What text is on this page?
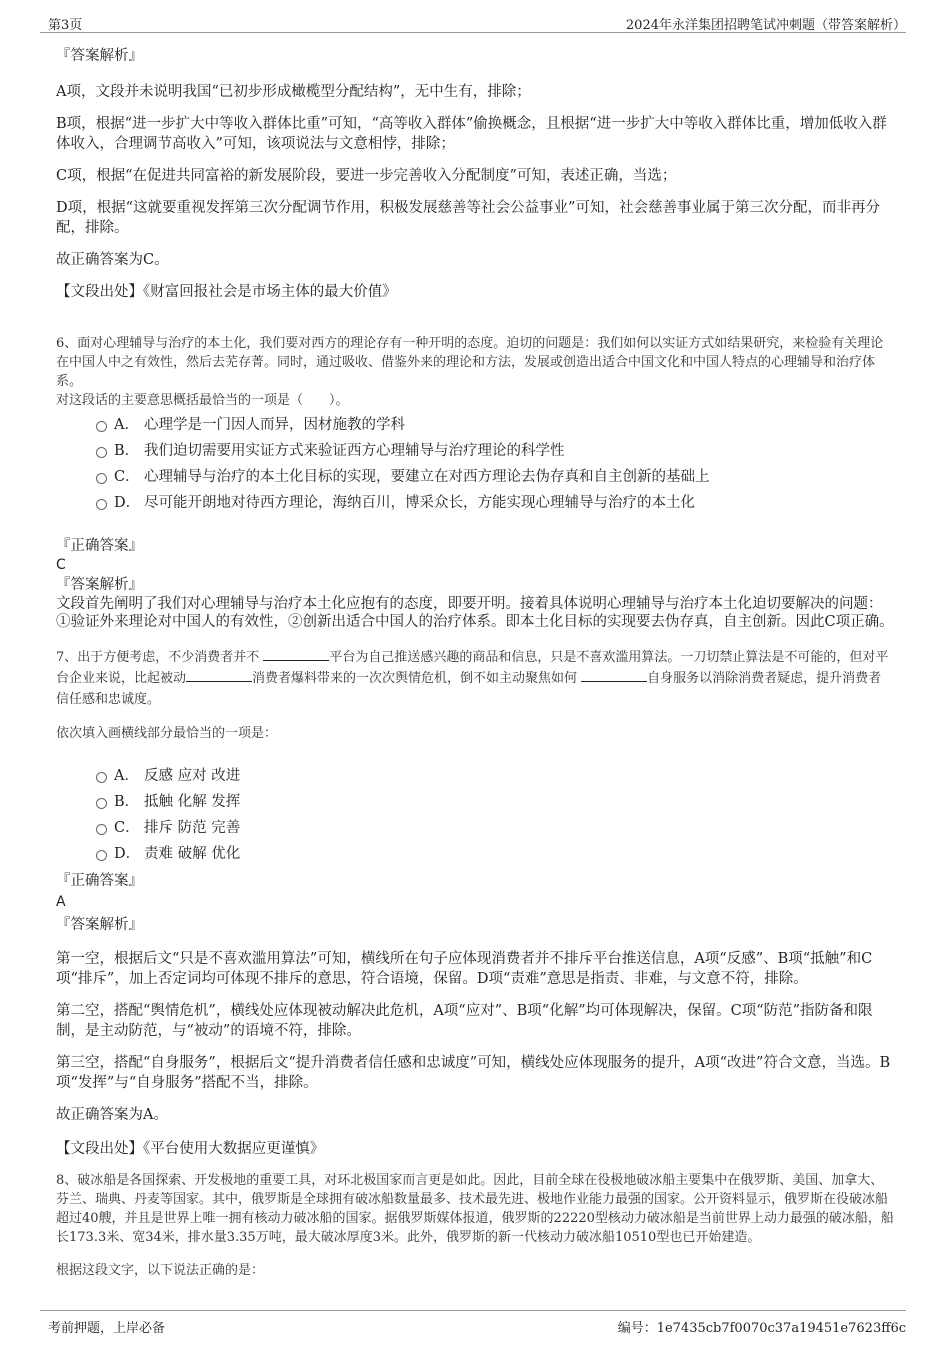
第3页	2024年永洋集团招聘笔试冲刺题（带答案解析）

『答案解析』

A项，文段并未说明我国“已初步形成橄榄型分配结构”，无中生有，排除；

B项，根据“进一步扩大中等收入群体比重”可知，“高等收入群体”偷换概念，且根据“进一步扩大中等收入群体比重，增加低收入群体收入，合理调节高收入”可知，该项说法与文意相悖，排除；

C项，根据“在促进共同富裕的新发展阶段，要进一步完善收入分配制度”可知，表述正确，当选；

D项，根据“这就要重视发挥第三次分配调节作用，积极发展慈善等社会公益事业”可知，社会慈善事业属于第三次分配，而非再分配，排除。

故正确答案为C。

【文段出处】《财富回报社会是市场主体的最大价值》

6、面对心理辅导与治疗的本土化，我们要对西方的理论存有一种开明的态度。迫切的问题是：我们如何以实证方式如结果研究，来检验有关理论在中国人中之有效性，然后去芜存菁。同时，通过吸收、借鉴外来的理论和方法，发展或创造出适合中国文化和中国人特点的心理辅导和治疗体系。

对这段话的主要意思概括最恰当的一项是（　　）。

A． 心理学是一门因人而异，因材施教的学科
B． 我们迫切需要用实证方式来验证西方心理辅导与治疗理论的科学性
C． 心理辅导与治疗的本土化目标的实现，要建立在对西方理论去伪存真和自主创新的基础上
D． 尽可能开朗地对待西方理论，海纳百川，博采众长，方能实现心理辅导与治疗的本土化

『正确答案』

C

『答案解析』

文段首先阐明了我们对心理辅导与治疗本土化应抱有的态度，即要开明。接着具体说明心理辅导与治疗本土化迫切要解决的问题：①验证外来理论对中国人的有效性，②创新出适合中国人的治疗体系。即本土化目标的实现要去伪存真，自主创新。因此C项正确。

7、出于方便考虑，不少消费者并不	平台为自己推送感兴趣的商品和信息，只是不喜欢滥用算法。一刀切禁止算法是不可能的，但对平台企业来说，比起被动	消费者爆料带来的一次次舆情危机，倒不如主动聚焦如何	自身服务以消除消费者疑虑，提升消费者信任感和忠诚度。

依次填入画横线部分最恰当的一项是：

A． 反感 应对 改进
B． 抵触 化解 发挥
C． 排斥 防范 完善
D． 责难 破解 优化

『正确答案』

A

『答案解析』

第一空，根据后文“只是不喜欢滥用算法”可知，横线所在句子应体现消费者并不排斥平台推送信息，A项“反感”、B项“抵触”和C项“排斥”，加上否定词均可体现不排斥的意思，符合语境，保留。D项“责难”意思是指责、非难，与文意不符，排除。

第二空，搭配“舆情危机”，横线处应体现被动解决此危机，A项“应对”、B项“化解”均可体现解决，保留。C项“防范”指防备和限制，是主动防范，与“被动”的语境不符，排除。

第三空，搭配“自身服务”，根据后文“提升消费者信任感和忠诚度”可知，横线处应体现服务的提升，A项“改进”符合文意，当选。B项“发挥”与“自身服务”搭配不当，排除。

故正确答案为A。

【文段出处】《平台使用大数据应更谨慎》

8、破冰船是各国探索、开发极地的重要工具，对环北极国家而言更是如此。因此，目前全球在役极地破冰船主要集中在俄罗斯、美国、加拿大、芬兰、瑞典、丹麦等国家。其中，俄罗斯是全球拥有破冰船数量最多、技术最先进、极地作业能力最强的国家。公开资料显示，俄罗斯在役破冰船超过40艘，并且是世界上唯一拥有核动力破冰船的国家。据俄罗斯媒体报道，俄罗斯的22220型核动力破冰船是当前世界上动力最强的破冰船，船长173.3米、宽34米，排水量3.35万吨，最大破冰厚度3米。此外，俄罗斯的新一代核动力破冰船10510型也已开始建造。

根据这段文字，以下说法正确的是：

考前押题，上岸必备	编号：1e7435cb7f0070c37a19451e7623ff6c
